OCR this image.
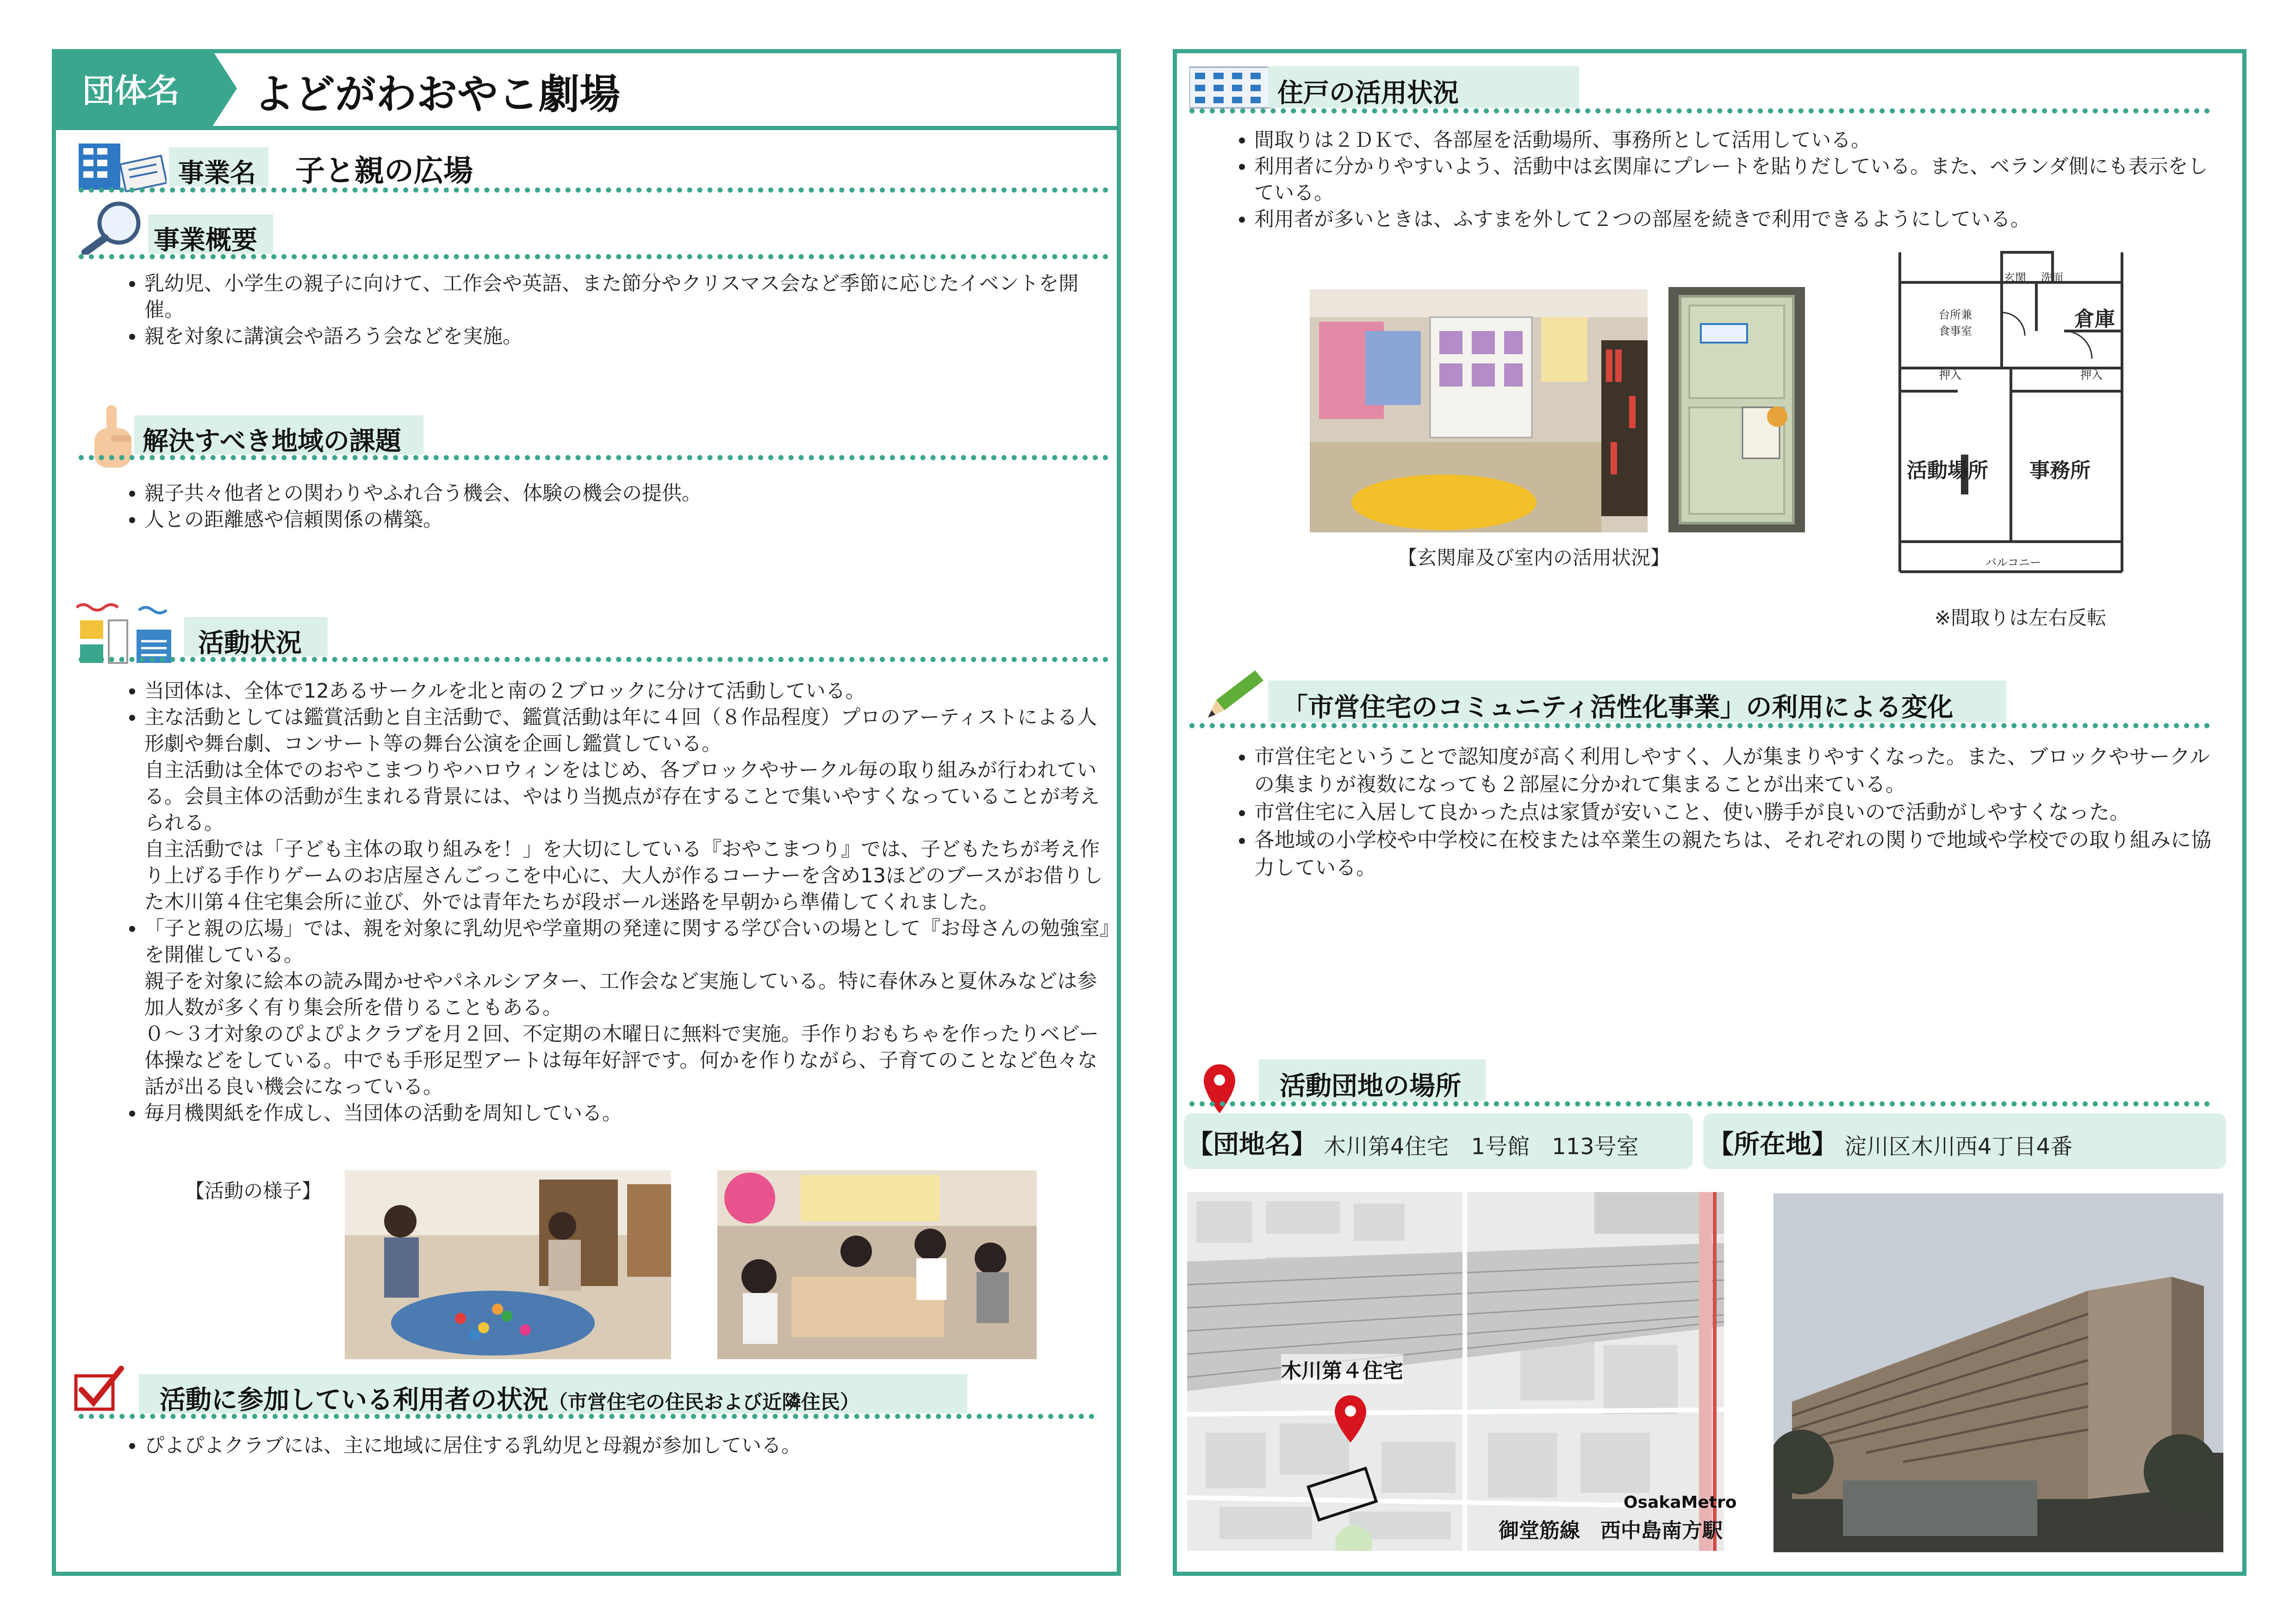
団体名 よどがわおやこ劇場
事業名 子と親の広場
事業概要
• 乳幼児、小学生の親子に向けて、工作会や英語、また節分やクリスマス会など季節に応じたイベントを開催。
• 親を対象に講演会や語ろう会などを実施。
解決すべき地域の課題
• 親子共々他者との関わりやふれ合う機会、体験の機会の提供。
• 人との距離感や信頼関係の構築。
活動状況
• 当団体は、全体で12あるサークルを北と南の２ブロックに分けて活動している。
• 主な活動としては鑑賞活動と自主活動で、鑑賞活動は年に４回（８作品程度）プロのアーティストによる人形劇や舞台劇、コンサート等の舞台公演を企画し鑑賞している。
自主活動は全体でのおやこまつりやハロウィンをはじめ、各ブロックやサークル毎の取り組みが行われている。会員主体の活動が生まれる背景には、やはり当拠点が存在することで集いやすくなっていることが考えられる。
自主活動では「子ども主体の取り組みを！」を大切にしている『おやこまつり』では、子どもたちが考え作り上げる手作りゲームのお店屋さんごっこを中心に、大人が作るコーナーを含め13ほどのブースがお借りした木川第４住宅集会所に並び、外では青年たちが段ボール迷路を早朝から準備してくれました。
• 「子と親の広場」では、親を対象に乳幼児や学童期の発達に関する学び合いの場として『お母さんの勉強室』を開催している。
親子を対象に絵本の読み聞かせやパネルシアター、工作会など実施している。特に春休みと夏休みなどは参加人数が多く有り集会所を借りることもある。
０～３才対象のぴよぴよクラブを月２回、不定期の木曜日に無料で実施。手作りおもちゃを作ったりベビー体操などをしている。中でも手形足型アートは毎年好評です。何かを作りながら、子育てのことなど色々な話が出る良い機会になっている。
• 毎月機関紙を作成し、当団体の活動を周知している。
【活動の様子】
活動に参加している利用者の状況（市営住宅の住民および近隣住民）
• ぴよぴよクラブには、主に地域に居住する乳幼児と母親が参加している。
住戸の活用状況
• 間取りは２ＤＫで、各部屋を活動場所、事務所として活用している。
• 利用者に分かりやすいよう、活動中は玄関扉にプレートを貼りだしている。また、ベランダ側にも表示をしている。
• 利用者が多いときは、ふすまを外して２つの部屋を続きで利用できるようにしている。
【玄関扉及び室内の活用状況】
玄関 洗面
台所兼食事室	倉庫
押入	押入
活動場所 事務所
バルコニー
※間取りは左右反転
「市営住宅のコミュニティ活性化事業」の利用による変化
• 市営住宅ということで認知度が高く利用しやすく、人が集まりやすくなった。また、ブロックやサークルの集まりが複数になっても２部屋に分かれて集まることが出来ている。
• 市営住宅に入居して良かった点は家賃が安いこと、使い勝手が良いので活動がしやすくなった。
• 各地域の小学校や中学校に在校または卒業生の親たちは、それぞれの関りで地域や学校での取り組みに協力している。
活動団地の場所
【団地名】 木川第4住宅　1号館　113号室	【所在地】 淀川区木川西4丁目4番
木川第４住宅
OsakaMetro
御堂筋線　西中島南方駅
